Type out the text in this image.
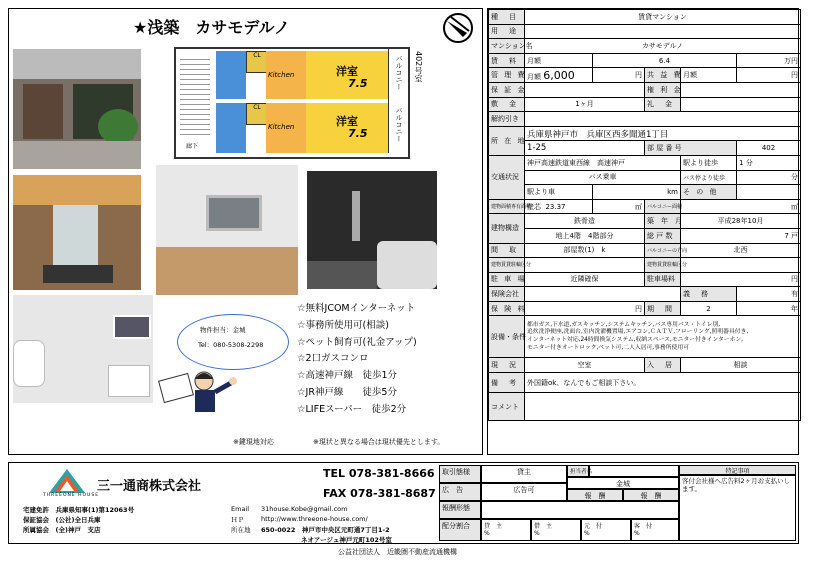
★浅築　カサモデルノ
CL
Kitchen	洋室
7.5
CL
Kitchen	洋室
7.5
廊下
バルコニー
バルコニー
402号室
物件担当：金城
Tel：080-5308-2298
☆無料JCOMインターネット
☆事務所使用可(相談)
☆ペット飼育可(礼金アップ)
☆2口ガスコンロ
☆高速神戸線　徒歩1分
☆JR神戸線　　徒歩5分
☆LIFEスーパー　徒歩2分
※鍵現地対応	※現状と異なる場合は現状優先とします。
種　目	賃貸マンション				
用　途					
マンション名	カサモデルノ				
賃　料	月額	6.4			万円
管 理 費	月額 6,000	円	共 益 費	月額	円
保 証 金			権 利 金		
敷　金	1ヶ月		礼　金		
解約引き					
所 在 地	兵庫県神戸市　兵庫区西多聞通1丁目				
	1-25		部 屋 番 号		402
交通状況	神戸高速鉄道東西線　高速神戸			駅より徒歩	1 分
	バス乗車			バス停より徒歩	分
	駅より車	km		そ の 他	
建物面積専有面積	壁芯 23.37	㎡	バルコニー面積	㎡	
建物構造	鉄骨造		築　年　月	平成28年10月	
	地上4階　4階部分		総 戸 数	7 戸	
間　取	部屋数(1)　k		バルコニーの方向	北西	
建物賃貸駐輪区分			建物賃貸駐輪区分		
駐 車 場	近隣確保		駐車場料	円	
保険会社				義　務	有
保 険 料	円		期　間	2	年
設備・条件	都市ガス,下水道,ガスキッチン,システムキッチン,バス専用バス・トイレ別,
追炊洗浄便座,洗面台,室内洗濯機置場,エアコン,ＣＡＴＶ,フローリング,照明器具付き,
インターネット対応,24時間換気システム,収納スペース,モニター付きインターホン,
モニター付きオートロック,ペット可,二人入居可,事務所使用可				
現　況	空室		入　居	相談	
備　考	外国籍ok、なんでもご相談下さい。				
コメント					
THREEONE HOUSE
三一通商株式会社
TEL 078-381-8666
FAX 078-381-8687
宅建免許　兵庫県知事(1)第12063号
保証協会　(公社)全日兵庫
所属協会　(全)神戸　支店
Email 31house.Kobe@gmail.com
ＨＰ	http://www.threeone-house.com/
所在地 650-0022　神戸市中央区元町通7丁目1-2
ネオアージュ神戸元町102号室
取引態様	貸主
広　告	広告可
報酬形態
担当者名
金城
報　酬	報　酬
配分割合	貸　主
%
借　主
%
元　付
%
客　付
%
特記事項
客付会社様へ広告料2ヶ月お支払いします。
公益社団法人　近畿圏不動産流通機構
